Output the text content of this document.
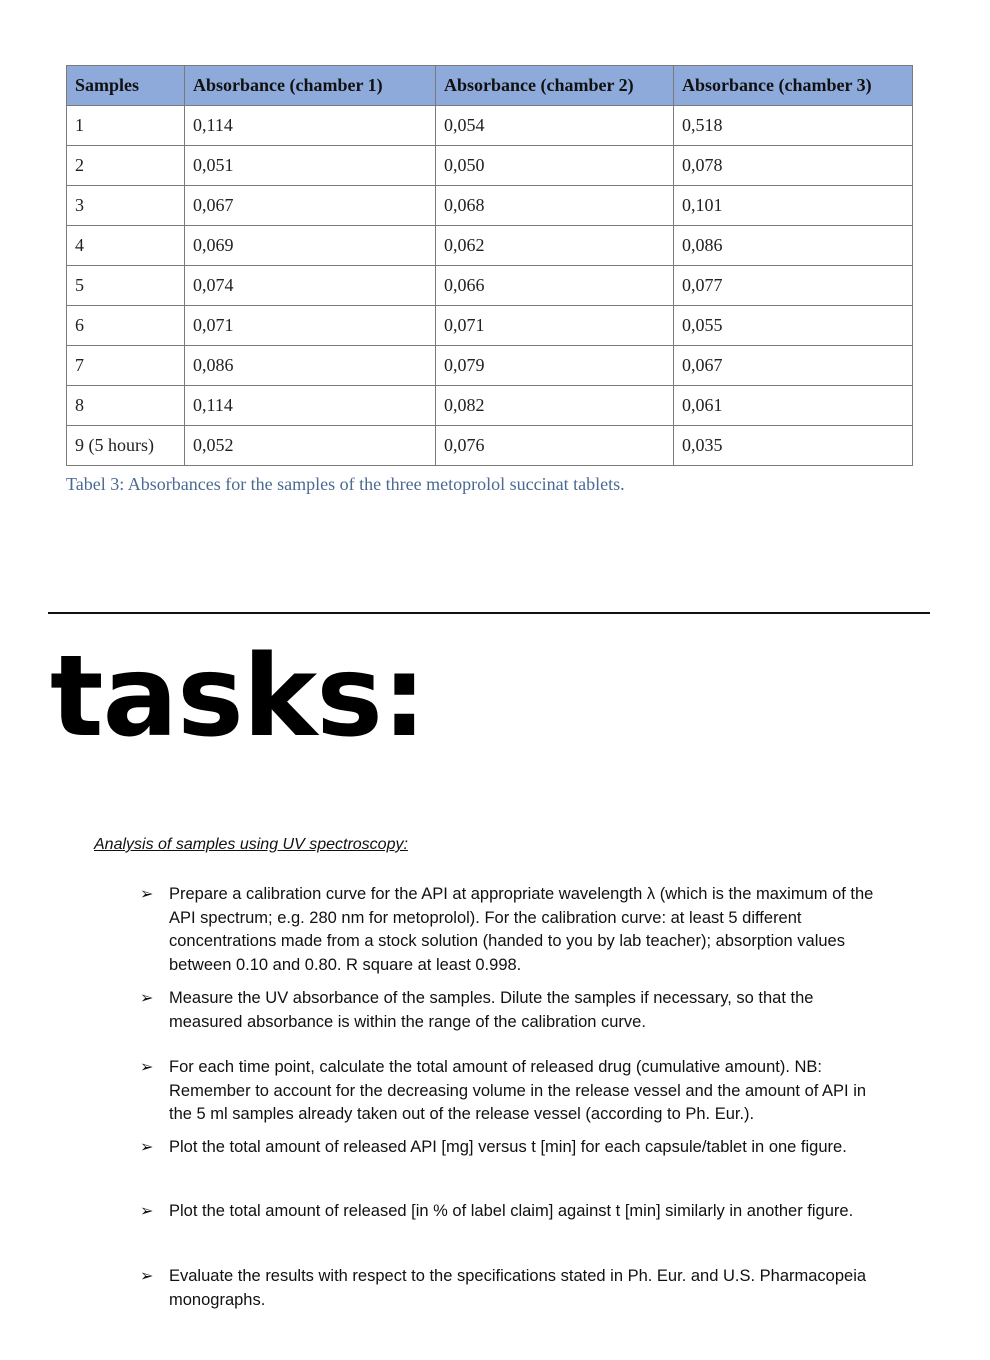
Samples	Absorbance (chamber 1)	Absorbance (chamber 2)	Absorbance (chamber 3)
1	0,114	0,054	0,518
2	0,051	0,050	0,078
3	0,067	0,068	0,101
4	0,069	0,062	0,086
5	0,074	0,066	0,077
6	0,071	0,071	0,055
7	0,086	0,079	0,067
8	0,114	0,082	0,061
9 (5 hours)	0,052	0,076	0,035

Tabel 3: Absorbances for the samples of the three metoprolol succinat tablets.

tasks:

Analysis of samples using UV spectroscopy:

➢ Prepare a calibration curve for the API at appropriate wavelength λ (which is the maximum of the API spectrum; e.g. 280 nm for metoprolol). For the calibration curve: at least 5 different concentrations made from a stock solution (handed to you by lab teacher); absorption values between 0.10 and 0.80. R square at least 0.998.
➢ Measure the UV absorbance of the samples. Dilute the samples if necessary, so that the measured absorbance is within the range of the calibration curve.
➢ For each time point, calculate the total amount of released drug (cumulative amount). NB: Remember to account for the decreasing volume in the release vessel and the amount of API in the 5 ml samples already taken out of the release vessel (according to Ph. Eur.).
➢ Plot the total amount of released API [mg] versus t [min] for each capsule/tablet in one figure.
➢ Plot the total amount of released [in % of label claim] against t [min] similarly in another figure.
➢ Evaluate the results with respect to the specifications stated in Ph. Eur. and U.S. Pharmacopeia monographs.
